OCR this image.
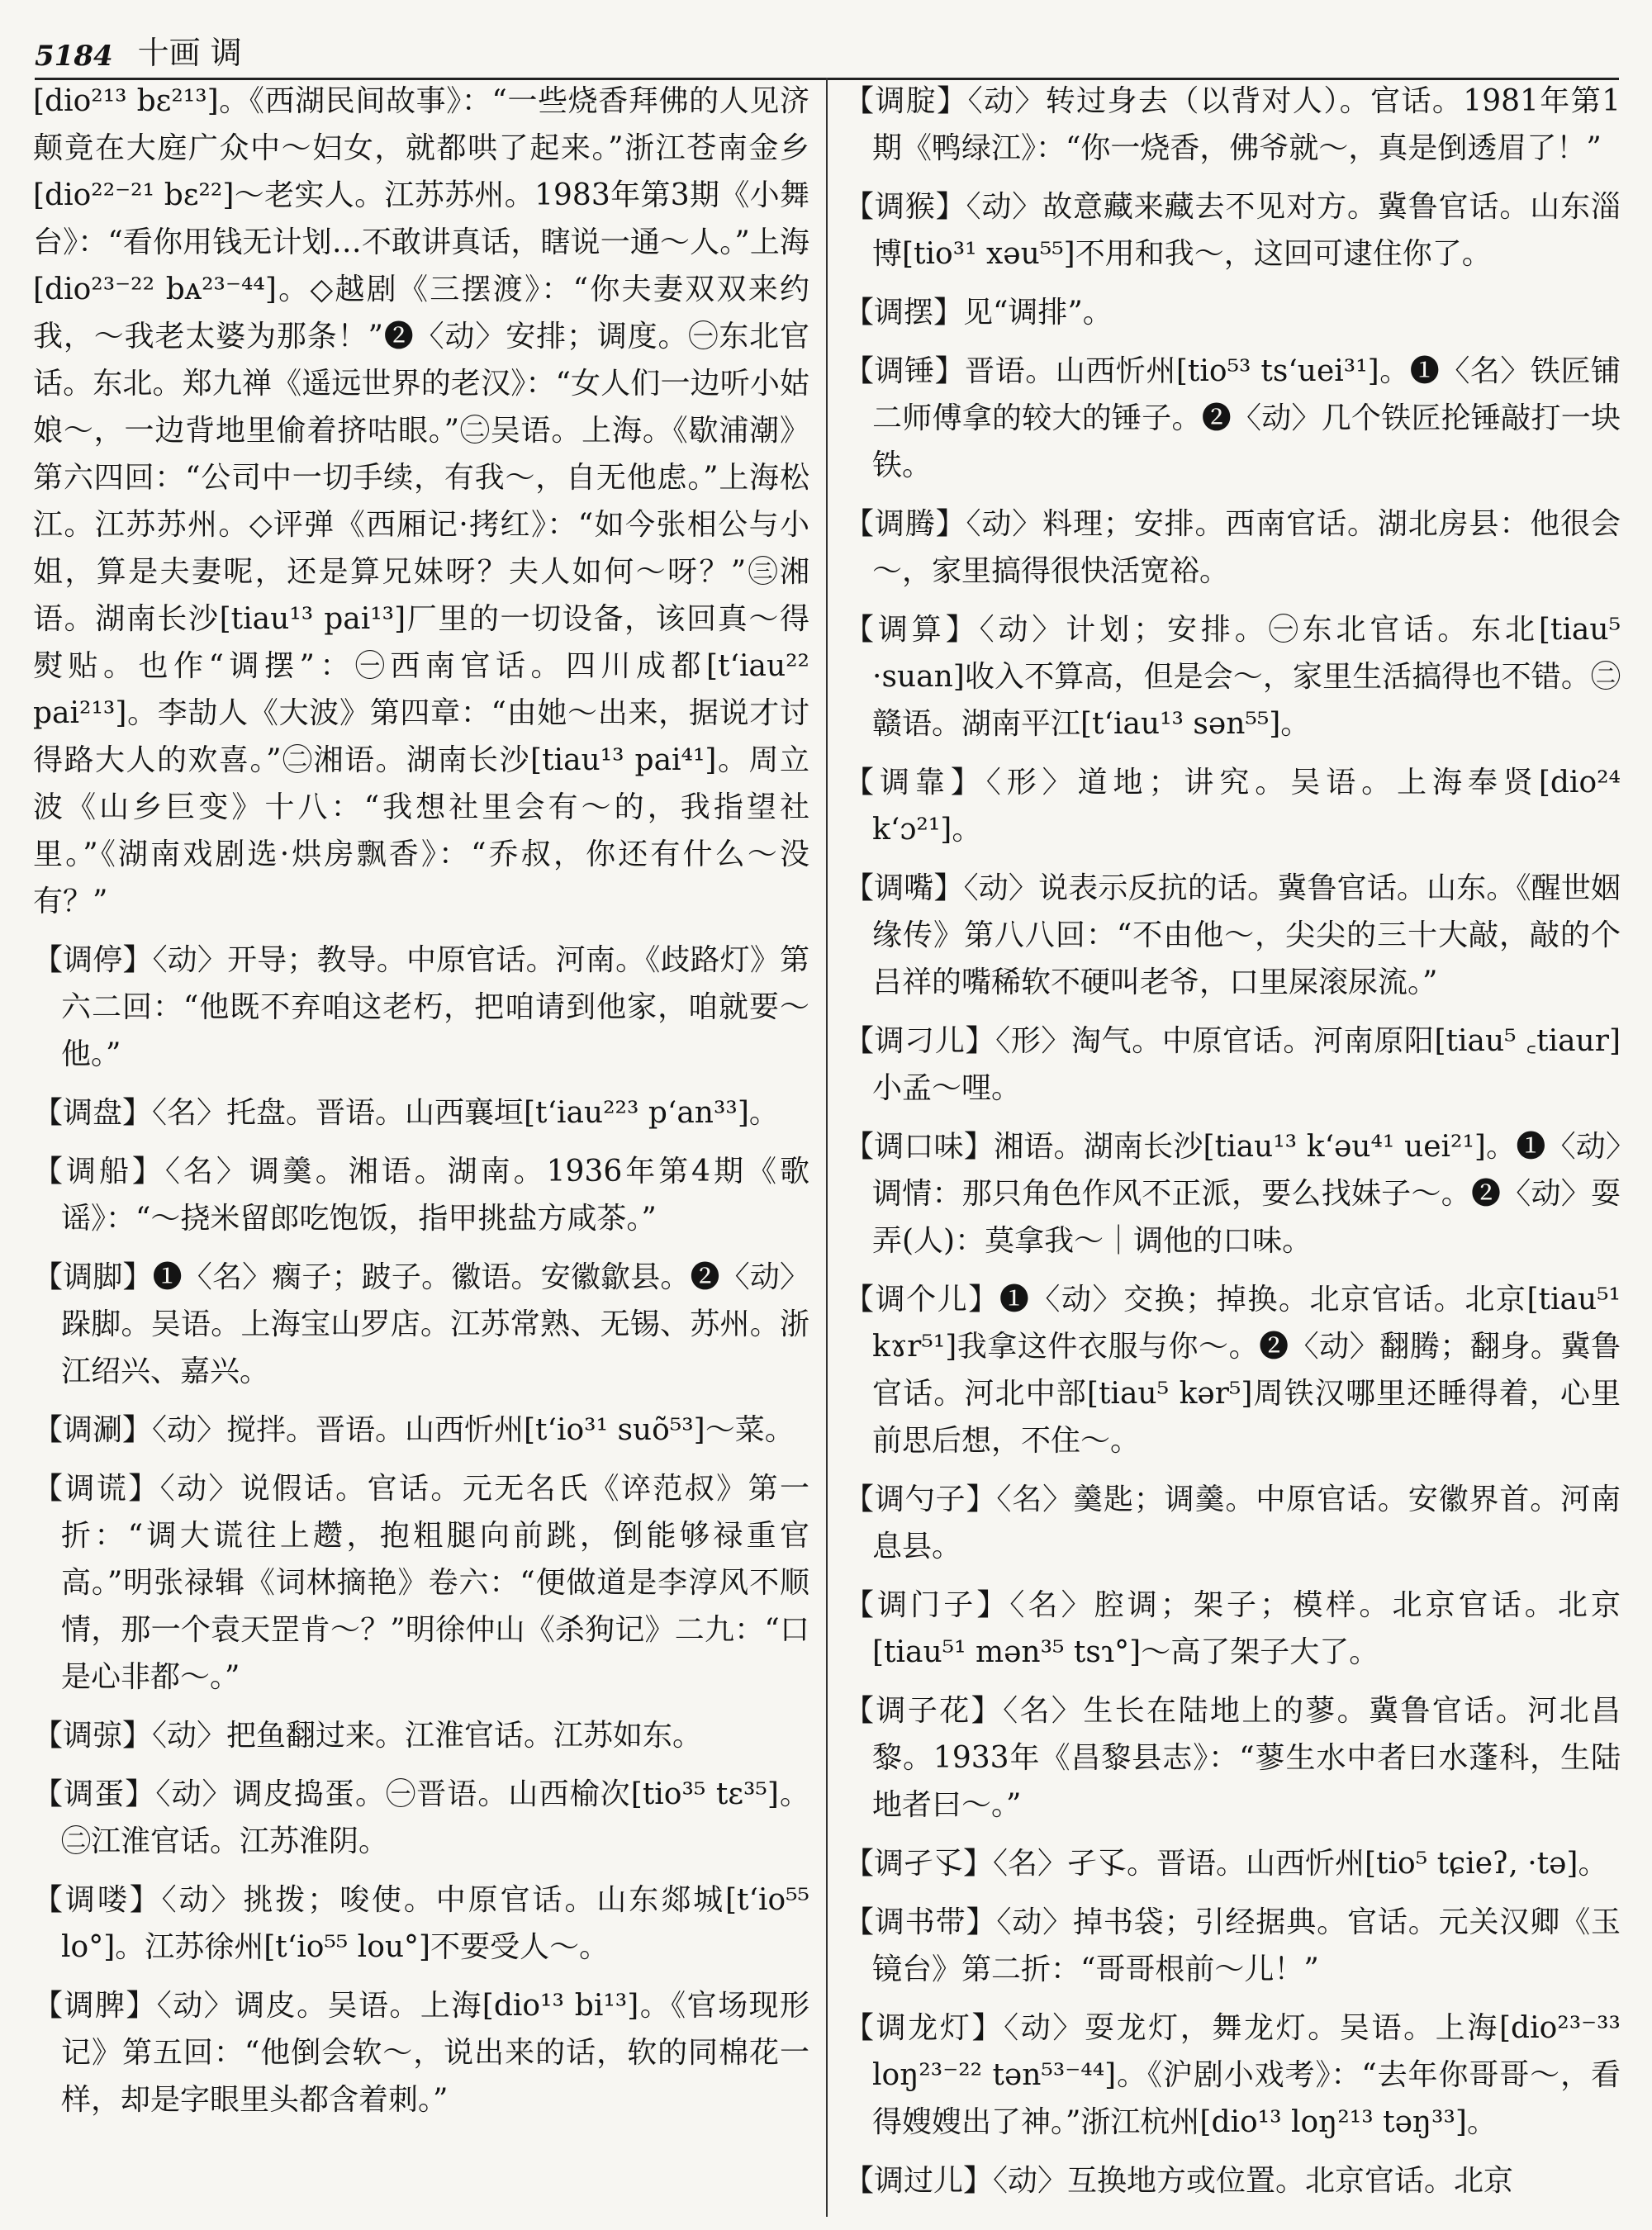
5184 十画 调

[dio²¹³ bɛ²¹³]。《西湖民间故事》：“一些烧香拜佛的人见济颠竟在大庭广众中～妇女，就都哄了起来。”浙江苍南金乡[dio²²⁻²¹ bɛ²²]～老实人。江苏苏州。1983年第3期《小舞台》：“看你用钱无计划…不敢讲真话，瞎说一通～人。”上海[dio²³⁻²² bᴀ²³⁻⁴⁴]。◇越剧《三摆渡》：“你夫妻双双来约我，～我老太婆为那条！”❷〈动〉安排；调度。㊀东北官话。东北。郑九禅《遥远世界的老汉》：“女人们一边听小姑娘～，一边背地里偷着挤咕眼。”㊁吴语。上海。《歇浦潮》第六四回：“公司中一切手续，有我～，自无他虑。”上海松江。江苏苏州。◇评弹《西厢记·拷红》：“如今张相公与小姐，算是夫妻呢，还是算兄妹呀？夫人如何～呀？”㊂湘语。湖南长沙[tiau¹³ pai¹³]厂里的一切设备，该回真～得熨贴。也作“调摆”：㊀西南官话。四川成都[t‘iau²² pai²¹³]。李劼人《大波》第四章：“由她～出来，据说才讨得路大人的欢喜。”㊁湘语。湖南长沙[tiau¹³ pai⁴¹]。周立波《山乡巨变》十八：“我想社里会有～的，我指望社里。”《湖南戏剧选·烘房飘香》：“乔叔，你还有什么～没有？”

【调停】〈动〉开导；教导。中原官话。河南。《歧路灯》第六二回：“他既不弃咱这老朽，把咱请到他家，咱就要～他。”

【调盘】〈名〉托盘。晋语。山西襄垣[t‘iau²²³ p‘an³³]。

【调船】〈名〉调羹。湘语。湖南。1936年第4期《歌谣》：“～挠米留郎吃饱饭，指甲挑盐方咸茶。”

【调脚】❶〈名〉瘸子；跛子。徽语。安徽歙县。❷〈动〉跺脚。吴语。上海宝山罗店。江苏常熟、无锡、苏州。浙江绍兴、嘉兴。

【调涮】〈动〉搅拌。晋语。山西忻州[t‘io³¹ suõ⁵³]～菜。

【调谎】〈动〉说假话。官话。元无名氏《谇范叔》第一折：“调大谎往上趱，抱粗腿向前跳，倒能够禄重官高。”明张禄辑《词林摘艳》卷六：“便做道是李淳风不顺情，那一个袁天罡肯～？”明徐仲山《杀狗记》二九：“口是心非都～。”

【调弶】〈动〉把鱼翻过来。江淮官话。江苏如东。

【调蛋】〈动〉调皮捣蛋。㊀晋语。山西榆次[tio³⁵ tɛ³⁵]。㊁江淮官话。江苏淮阴。

【调喽】〈动〉挑拨；唆使。中原官话。山东郯城[t‘io⁵⁵ lo°]。江苏徐州[t‘io⁵⁵ lou°]不要受人～。

【调脾】〈动〉调皮。吴语。上海[dio¹³ bi¹³]。《官场现形记》第五回：“他倒会软～，说出来的话，软的同棉花一样，却是字眼里头都含着刺。”

【调腚】〈动〉转过身去（以背对人）。官话。1981年第1期《鸭绿江》：“你一烧香，佛爷就～，真是倒透眉了！”

【调猴】〈动〉故意藏来藏去不见对方。冀鲁官话。山东淄博[tio³¹ xəu⁵⁵]不用和我～，这回可逮住你了。

【调摆】见“调排”。

【调锤】晋语。山西忻州[tio⁵³ ts‘uei³¹]。❶〈名〉铁匠铺二师傅拿的较大的锤子。❷〈动〉几个铁匠抡锤敲打一块铁。

【调腾】〈动〉料理；安排。西南官话。湖北房县：他很会～，家里搞得很快活宽裕。

【调算】〈动〉计划；安排。㊀东北官话。东北[tiau⁵ ·suan]收入不算高，但是会～，家里生活搞得也不错。㊁赣语。湖南平江[t‘iau¹³ sən⁵⁵]。

【调靠】〈形〉道地；讲究。吴语。上海奉贤[dio²⁴ k‘ɔ²¹]。

【调嘴】〈动〉说表示反抗的话。冀鲁官话。山东。《醒世姻缘传》第八八回：“不由他～，尖尖的三十大敲，敲的个吕祥的嘴稀软不硬叫老爷，口里屎滚尿流。”

【调刁儿】〈形〉淘气。中原官话。河南原阳[tiau⁵ ꜀tiaur]小孟～哩。

【调口味】湘语。湖南长沙[tiau¹³ k‘əu⁴¹ uei²¹]。❶〈动〉调情：那只角色作风不正派，要么找妹子～。❷〈动〉耍弄(人)：莫拿我～｜调他的口味。

【调个儿】❶〈动〉交换；掉换。北京官话。北京[tiau⁵¹ kɤr⁵¹]我拿这件衣服与你～。❷〈动〉翻腾；翻身。冀鲁官话。河北中部[tiau⁵ kər⁵]周铁汉哪里还睡得着，心里前思后想，不住～。

【调勺子】〈名〉羹匙；调羹。中原官话。安徽界首。河南息县。

【调门子】〈名〉腔调；架子；模样。北京官话。北京[tiau⁵¹ mən³⁵ tsɿ°]～高了架子大了。

【调子花】〈名〉生长在陆地上的蓼。冀鲁官话。河北昌黎。1933年《昌黎县志》：“蓼生水中者曰水蓬科，生陆地者曰～。”

【调孑孓】〈名〉孑孓。晋语。山西忻州[tio⁵ tɕieʔ, ·tə]。

【调书带】〈动〉掉书袋；引经据典。官话。元关汉卿《玉镜台》第二折：“哥哥根前～儿！”

【调龙灯】〈动〉耍龙灯，舞龙灯。吴语。上海[dio²³⁻³³ loŋ²³⁻²² tən⁵³⁻⁴⁴]。《沪剧小戏考》：“去年你哥哥～，看得嫂嫂出了神。”浙江杭州[dio¹³ loŋ²¹³ təŋ³³]。

【调过儿】〈动〉互换地方或位置。北京官话。北京
